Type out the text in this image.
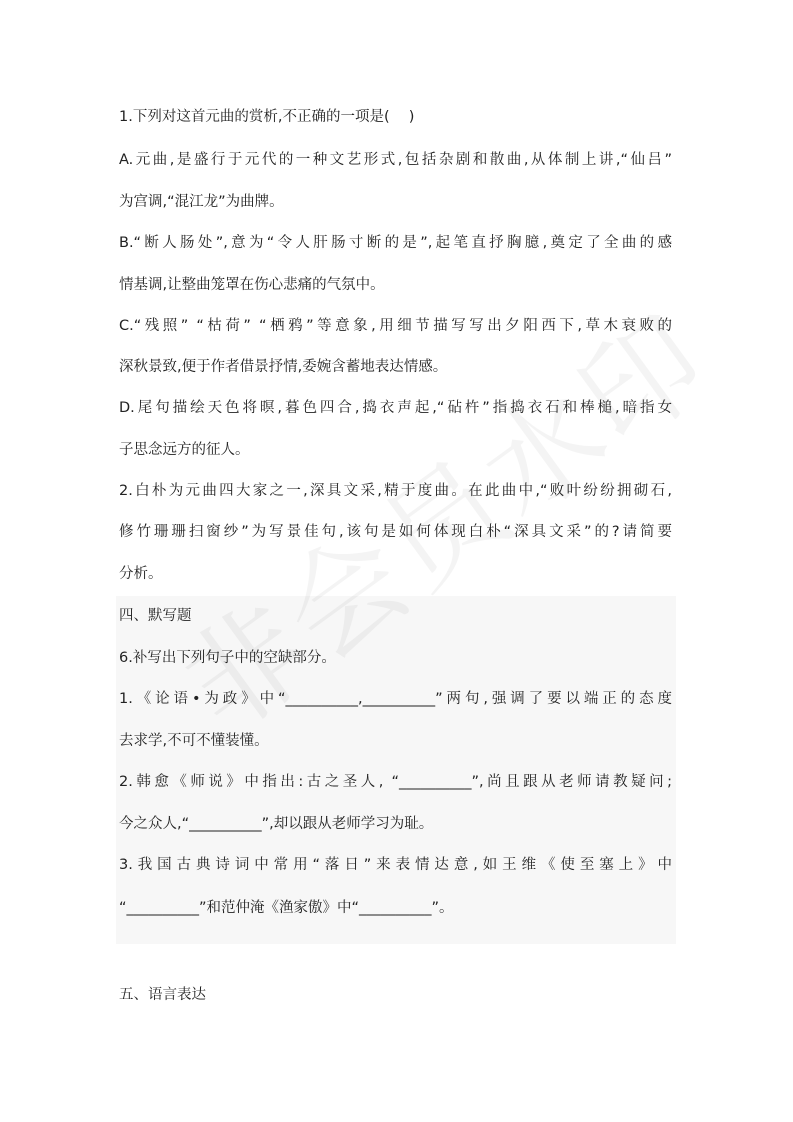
1.下列对这首元曲的赏析,不正确的一项是(　 )
A.元曲,是盛行于元代的一种文艺形式,包括杂剧和散曲,从体制上讲,“仙吕”
为宫调,“混江龙”为曲牌。
B.“断人肠处”,意为“令人肝肠寸断的是”,起笔直抒胸臆,奠定了全曲的感
情基调,让整曲笼罩在伤心悲痛的气氛中。
C.“残照” “枯荷” “栖鸦”等意象,用细节描写写出夕阳西下,草木衰败的
深秋景致,便于作者借景抒情,委婉含蓄地表达情感。
D.尾句描绘天色将暝,暮色四合,捣衣声起,“砧杵”指捣衣石和棒槌,暗指女
子思念远方的征人。
2.白朴为元曲四大家之一,深具文采,精于度曲。在此曲中,“败叶纷纷拥砌石,
修竹珊珊扫窗纱”为写景佳句,该句是如何体现白朴“深具文采”的?请简要
分析。
四、默写题
6.补写出下列句子中的空缺部分。
1.《论语•为政》中“__________,__________”两句,强调了要以端正的态度
去求学,不可不懂装懂。
2.韩愈《师说》中指出:古之圣人, “__________”,尚且跟从老师请教疑问;
今之众人,“__________”,却以跟从老师学习为耻。
3.我国古典诗词中常用“落日”来表情达意,如王维《使至塞上》中
“__________”和范仲淹《渔家傲》中“__________”。
五、语言表达
